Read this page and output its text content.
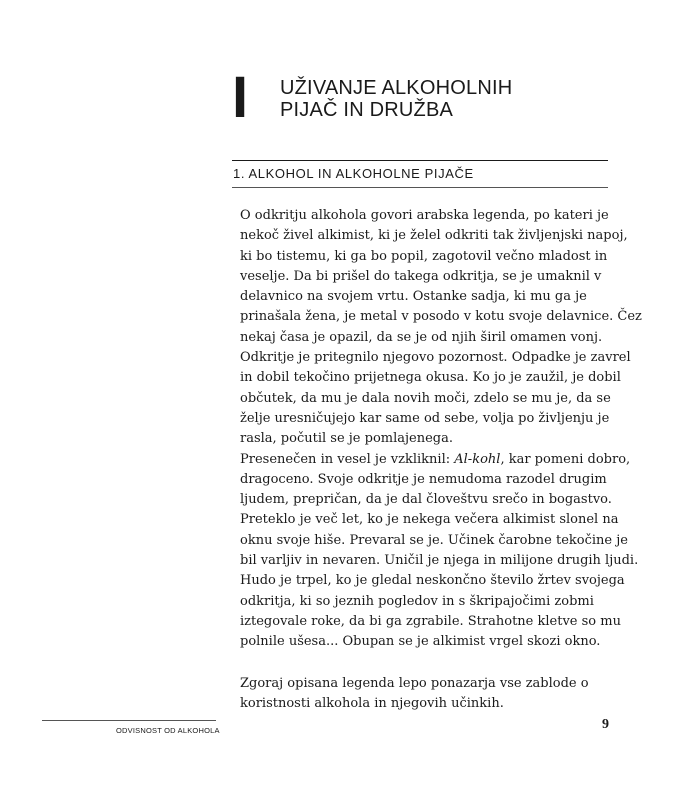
I UŽIVANJE ALKOHOLNIH
PIJAČ IN DRUŽBA
1. ALKOHOL IN ALKOHOLNE PIJAČE
O odkritju alkohola govori arabska legenda, po kateri je
nekoč živel alkimist, ki je želel odkriti tak življenjski napoj,
ki bo tistemu, ki ga bo popil, zagotovil večno mladost in
veselje. Da bi prišel do takega odkritja, se je umaknil v
delavnico na svojem vrtu. Ostanke sadja, ki mu ga je
prinašala žena, je metal v posodo v kotu svoje delavnice. Čez
nekaj časa je opazil, da se je od njih širil omamen vonj.
Odkritje je pritegnilo njegovo pozornost. Odpadke je zavrel
in dobil tekočino prijetnega okusa. Ko jo je zaužil, je dobil
občutek, da mu je dala novih moči, zdelo se mu je, da se
želje uresničujejo kar same od sebe, volja po življenju je
rasla, počutil se je pomlajenega.
Presenečen in vesel je vzkliknil: Al-kohl, kar pomeni dobro,
dragoceno. Svoje odkritje je nemudoma razodel drugim
ljudem, prepričan, da je dal človeštvu srečo in bogastvo.
Preteklo je več let, ko je nekega večera alkimist slonel na
oknu svoje hiše. Prevaral se je. Učinek čarobne tekočine je
bil varljiv in nevaren. Uničil je njega in milijone drugih ljudi.
Hudo je trpel, ko je gledal neskončno število žrtev svojega
odkritja, ki so jeznih pogledov in s škripajočimi zobmi
iztegovale roke, da bi ga zgrabile. Strahotne kletve so mu
polnile ušesa... Obupan se je alkimist vrgel skozi okno.
Zgoraj opisana legenda lepo ponazarja vse zablode o
koristnosti alkohola in njegovih učinkih.
ODVISNOST OD ALKOHOLA	9
